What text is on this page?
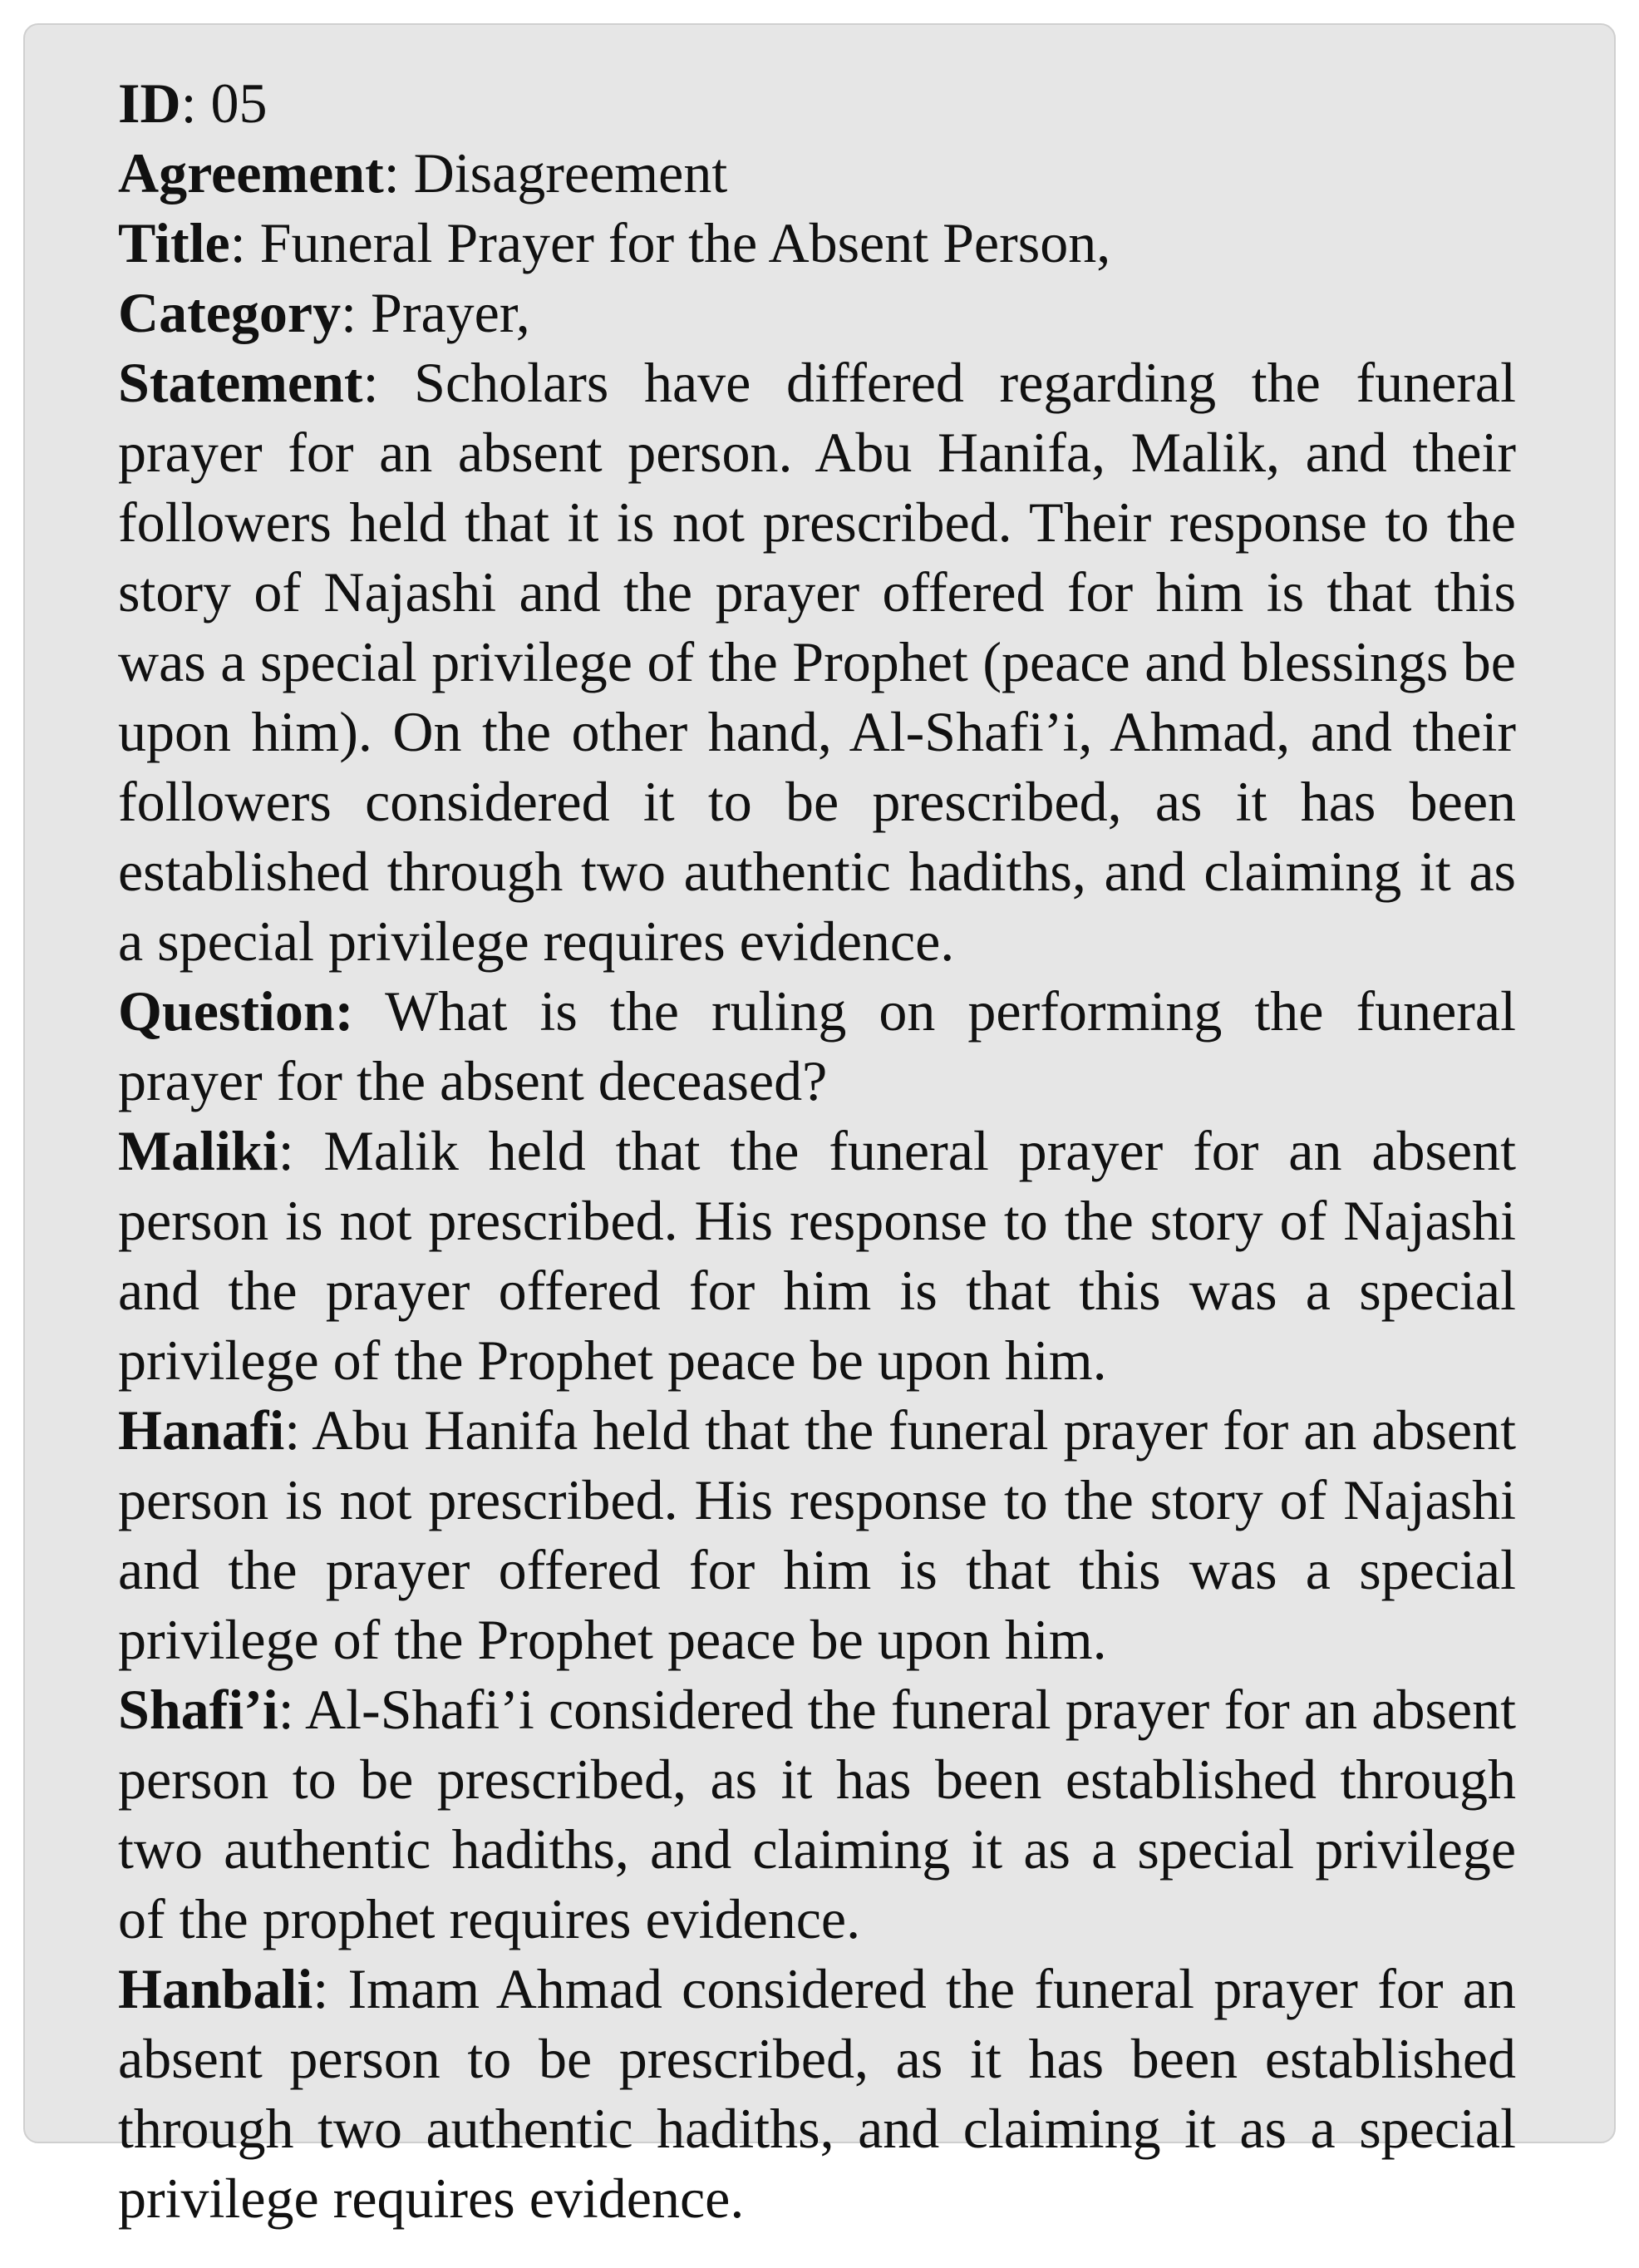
ID: 05

Agreement: Disagreement

Title: Funeral Prayer for the Absent Person,

Category: Prayer,

Statement: Scholars have differed regarding the funeral prayer for an absent person. Abu Hanifa, Malik, and their followers held that it is not prescribed. Their response to the story of Najashi and the prayer offered for him is that this was a special privilege of the Prophet (peace and blessings be upon him). On the other hand, Al-Shafi’i, Ahmad, and their followers considered it to be prescribed, as it has been established through two authentic hadiths, and claiming it as a special privilege requires evidence.

Question: What is the ruling on performing the funeral prayer for the absent deceased?

Maliki: Malik held that the funeral prayer for an absent person is not prescribed. His response to the story of Najashi and the prayer offered for him is that this was a special privilege of the Prophet peace be upon him.

Hanafi: Abu Hanifa held that the funeral prayer for an absent person is not prescribed. His response to the story of Najashi and the prayer offered for him is that this was a special privilege of the Prophet peace be upon him.

Shafi’i: Al-Shafi’i considered the funeral prayer for an absent person to be prescribed, as it has been established through two authentic hadiths, and claiming it as a special privilege of the prophet requires evidence.

Hanbali: Imam Ahmad considered the funeral prayer for an absent person to be prescribed, as it has been established through two authentic hadiths, and claiming it as a special privilege requires evidence.
